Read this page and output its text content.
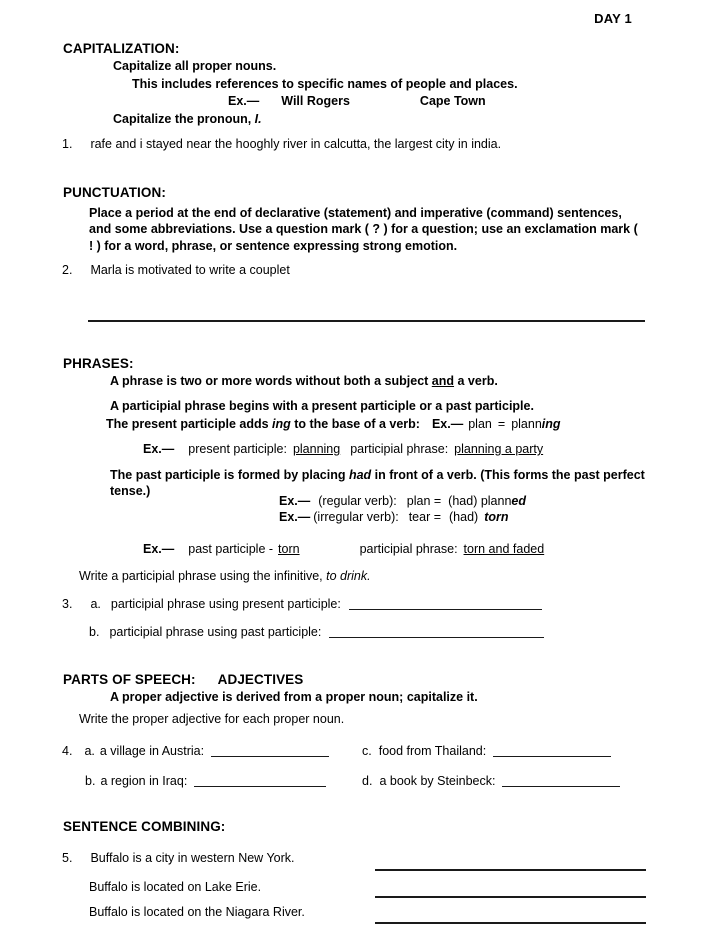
DAY 1
CAPITALIZATION:
Capitalize all proper nouns.
This includes references to specific names of people and places.
Ex.— Will Rogers	Cape Town
Capitalize the pronoun, I.
1. rafe and i stayed near the hooghly river in calcutta, the largest city in india.
PUNCTUATION:
Place a period at the end of declarative (statement) and imperative (command) sentences, and some abbreviations. Use a question mark ( ? ) for a question; use an exclamation mark ( ! ) for a word, phrase, or sentence expressing strong emotion.
2. Marla is motivated to write a couplet
PHRASES:
A phrase is two or more words without both a subject and a verb.
A participial phrase begins with a present participle or a past participle.
The present participle adds ing to the base of a verb: Ex.— plan = planning
Ex.— present participle: planning participial phrase: planning a party
The past participle is formed by placing had in front of a verb. (This forms the past perfect tense.)
Ex.— (regular verb): plan = (had) planned
Ex.— (irregular verb): tear = (had) torn
Ex.— past participle - torn	participial phrase: torn and faded
Write a participial phrase using the infinitive, to drink.
3. a. participial phrase using present participle:
b. participial phrase using past participle:
PARTS OF SPEECH: ADJECTIVES
A proper adjective is derived from a proper noun; capitalize it.
Write the proper adjective for each proper noun.
4. a. a village in Austria:	c. food from Thailand:
b. a region in Iraq:	d. a book by Steinbeck:
SENTENCE COMBINING:
5. Buffalo is a city in western New York.
Buffalo is located on Lake Erie.
Buffalo is located on the Niagara River.
